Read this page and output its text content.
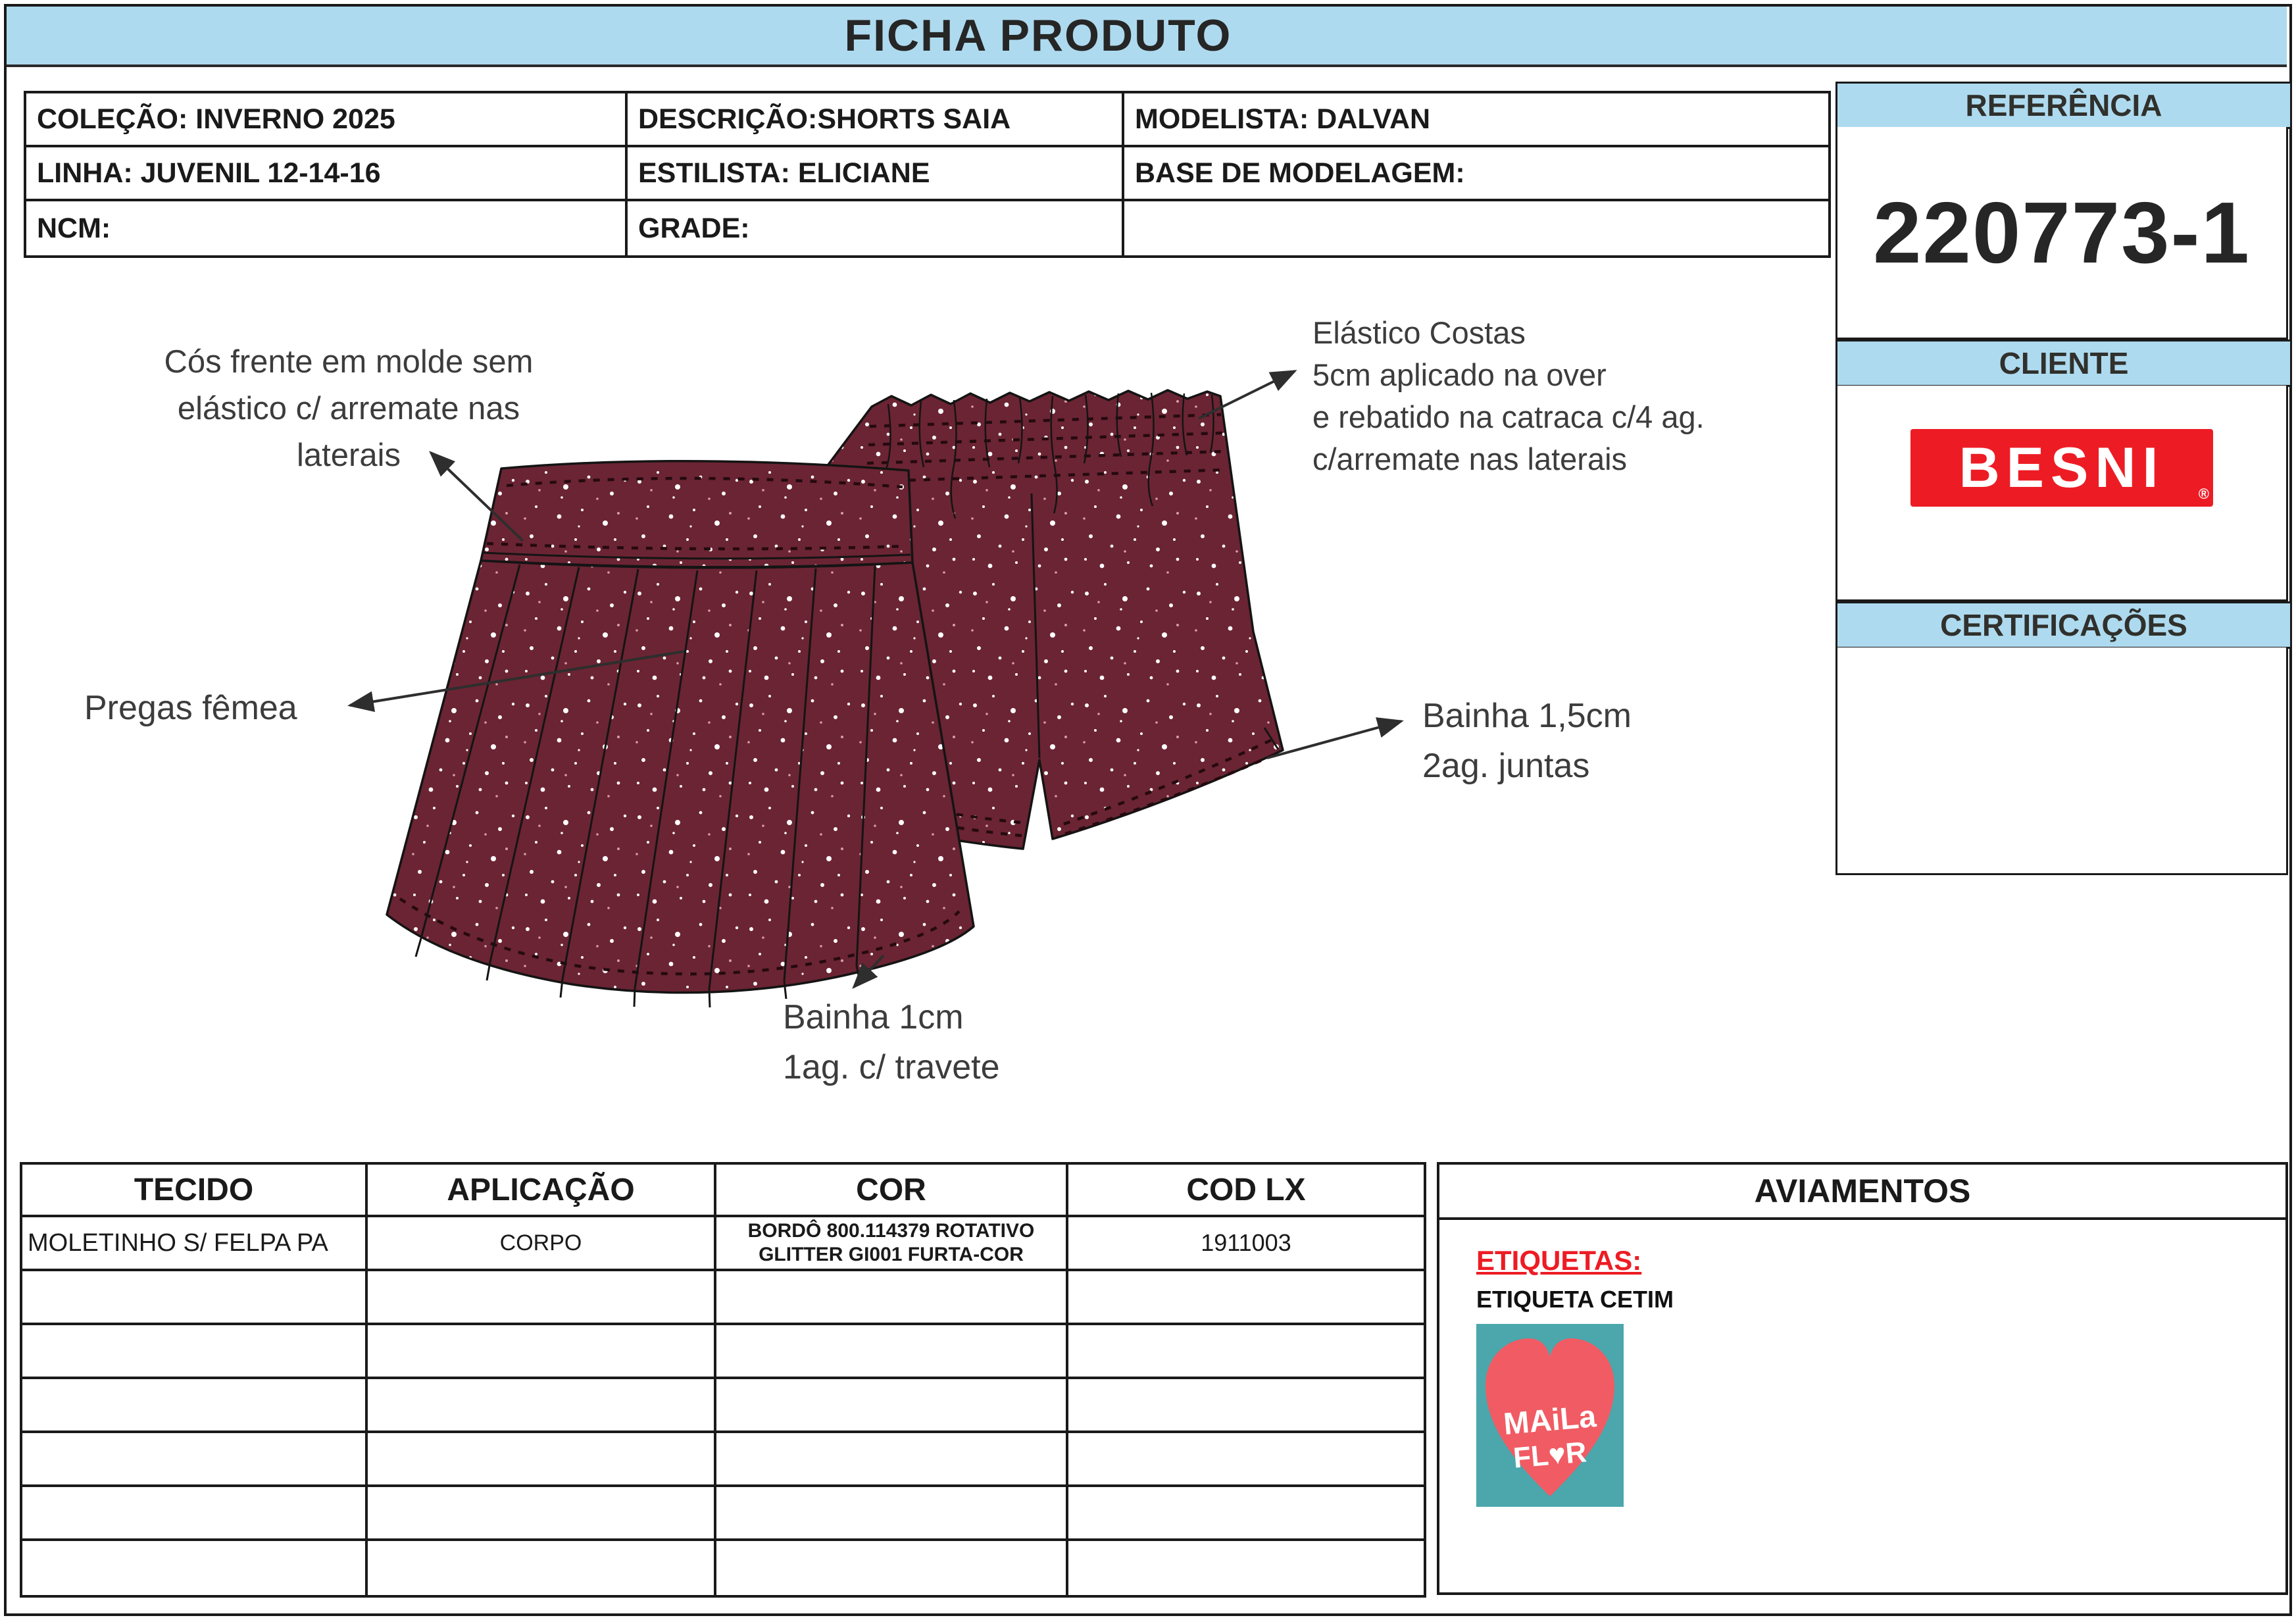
FICHA PRODUTO
COLEÇÃO: INVERNO 2025	DESCRIÇÃO:SHORTS SAIA	MODELISTA: DALVAN
LINHA: JUVENIL 12-14-16	ESTILISTA: ELICIANE	BASE DE MODELAGEM:
NCM:	GRADE:
REFERÊNCIA
220773-1
CLIENTE
BESNI ®
CERTIFICAÇÕES
Cós frente em molde sem
elástico c/ arremate nas
laterais
Elástico Costas
5cm aplicado na over
e rebatido na catraca c/4 ag.
c/arremate nas laterais
Pregas fêmea	Bainha 1,5cm
2ag. juntas
Bainha 1cm
1ag. c/ travete
TECIDO	APLICAÇÃO	COR	COD LX
MOLETINHO S/ FELPA PA	CORPO	BORDÔ 800.114379 ROTATIVO GLITTER GI001 FURTA-COR	1911003
AVIAMENTOS
ETIQUETAS:
ETIQUETA CETIM
MAiLa
FL♥R
